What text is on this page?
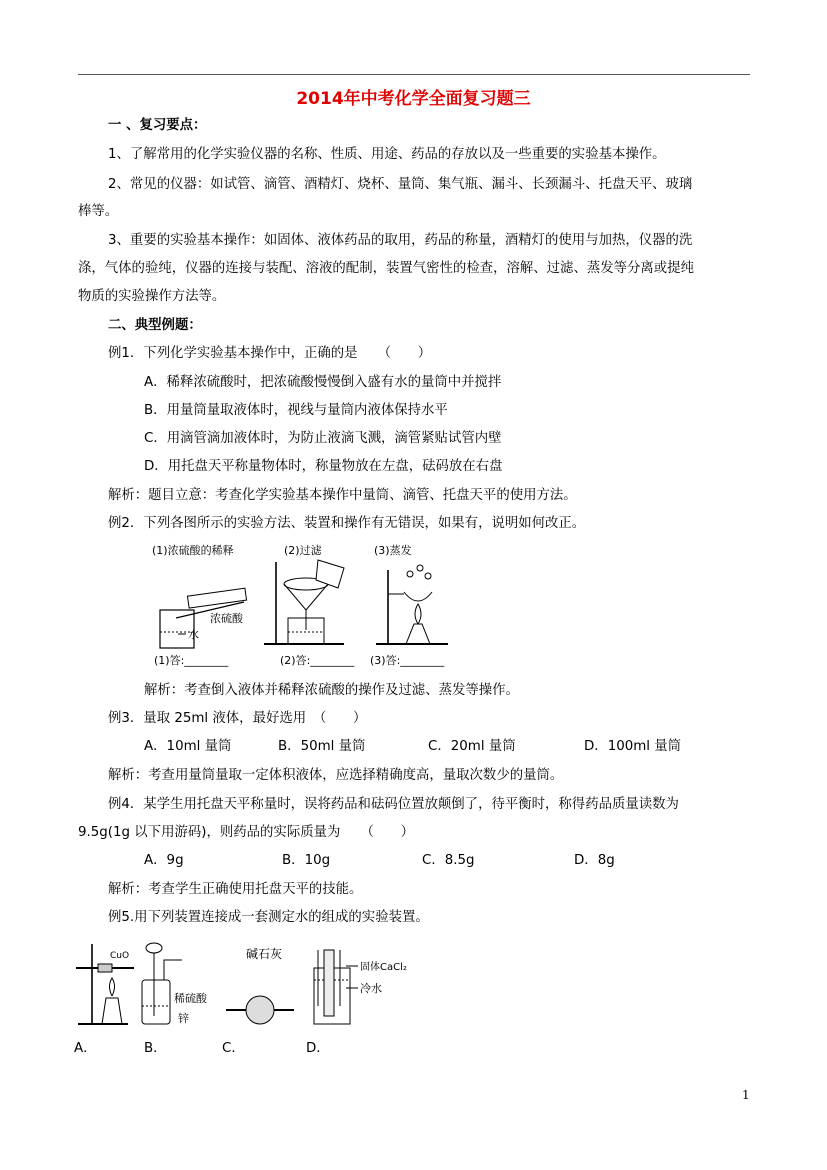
2014年中考化学全面复习题三
一 、复习要点：
1、了解常用的化学实验仪器的名称、性质、用途、药品的存放以及一些重要的实验基本操作。
2、常见的仪器：如试管、滴管、酒精灯、烧杯、量筒、集气瓶、漏斗、长颈漏斗、托盘天平、玻璃
棒等。
3、重要的实验基本操作：如固体、液体药品的取用，药品的称量，酒精灯的使用与加热，仪器的洗
涤，气体的验纯，仪器的连接与装配、溶液的配制，装置气密性的检查，溶解、过滤、蒸发等分离或提纯
物质的实验操作方法等。
二、典型例题：
例1．下列化学实验基本操作中，正确的是　　（　　）
A．稀释浓硫酸时，把浓硫酸慢慢倒入盛有水的量筒中并搅拌
B．用量筒量取液体时，视线与量筒内液体保持水平
C．用滴管滴加液体时，为防止液滴飞溅，滴管紧贴试管内壁
D．用托盘天平称量物体时，称量物放在左盘，砝码放在右盘
解析：题目立意：考查化学实验基本操作中量筒、滴管、托盘天平的使用方法。
例2．下列各图所示的实验方法、装置和操作有无错误，如果有，说明如何改正。
(1)浓硫酸的稀释
浓硫酸
水
(1)答:________
(2)过滤
(2)答:________
(3)蒸发
(3)答:________
解析：考查倒入液体并稀释浓硫酸的操作及过滤、蒸发等操作。
例3．量取 25ml 液体，最好选用　（　　）
A．10ml 量筒	B．50ml 量筒	C．20ml 量筒	D．100ml 量筒
解析：考查用量筒量取一定体积液体，应选择精确度高，量取次数少的量筒。
例4．某学生用托盘天平称量时，误将药品和砝码位置放颠倒了，待平衡时，称得药品质量读数为
9.5g(1g 以下用游码)，则药品的实际质量为　　（　　）
A．9g	B．10g	C．8.5g	D．8g
解析：考查学生正确使用托盘天平的技能。
例5.用下列装置连接成一套测定水的组成的实验装置。
CuO
稀硫酸
锌
碱石灰
固体CaCl₂
冷水
A．	B．	C．	D．
1
